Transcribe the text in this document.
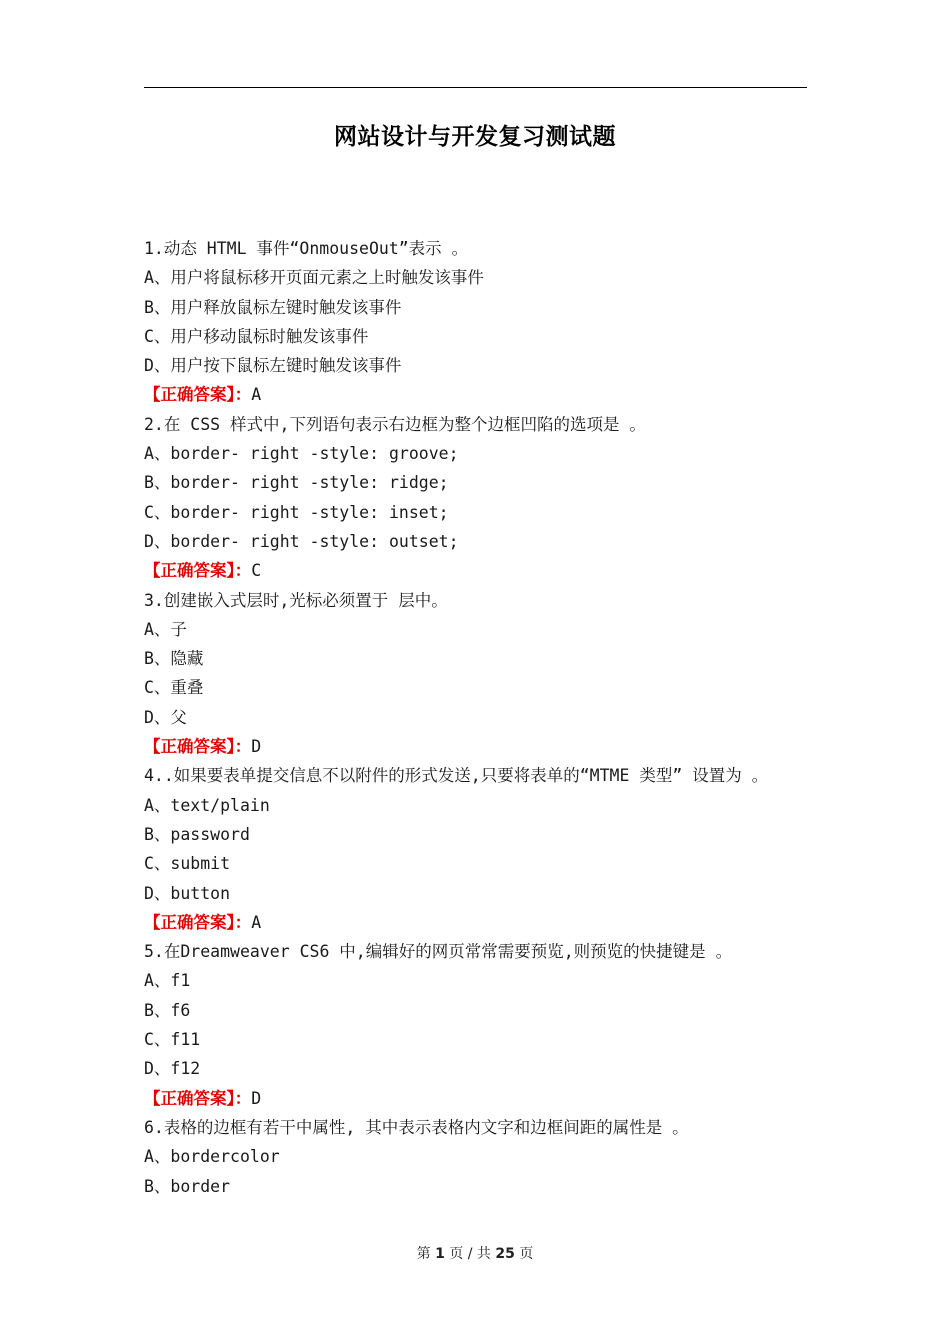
网站设计与开发复习测试题
1.动态 HTML 事件“OnmouseOut”表示 。
A、用户将鼠标移开页面元素之上时触发该事件
B、用户释放鼠标左键时触发该事件
C、用户移动鼠标时触发该事件
D、用户按下鼠标左键时触发该事件
【正确答案】：A
2.在 CSS 样式中,下列语句表示右边框为整个边框凹陷的选项是 。
A、border- right -style: groove;
B、border- right -style: ridge;
C、border- right -style: inset;
D、border- right -style: outset;
【正确答案】：C
3.创建嵌入式层时,光标必须置于 层中。
A、子
B、隐藏
C、重叠
D、父
【正确答案】：D
4..如果要表单提交信息不以附件的形式发送,只要将表单的“MTME 类型” 设置为 。
A、text/plain
B、password
C、submit
D、button
【正确答案】：A
5.在Dreamweaver CS6 中,编辑好的网页常常需要预览,则预览的快捷键是 。
A、f1
B、f6
C、f11
D、f12
【正确答案】：D
6.表格的边框有若干中属性, 其中表示表格内文字和边框间距的属性是 。
A、bordercolor
B、border
第 1 页 / 共 25 页
